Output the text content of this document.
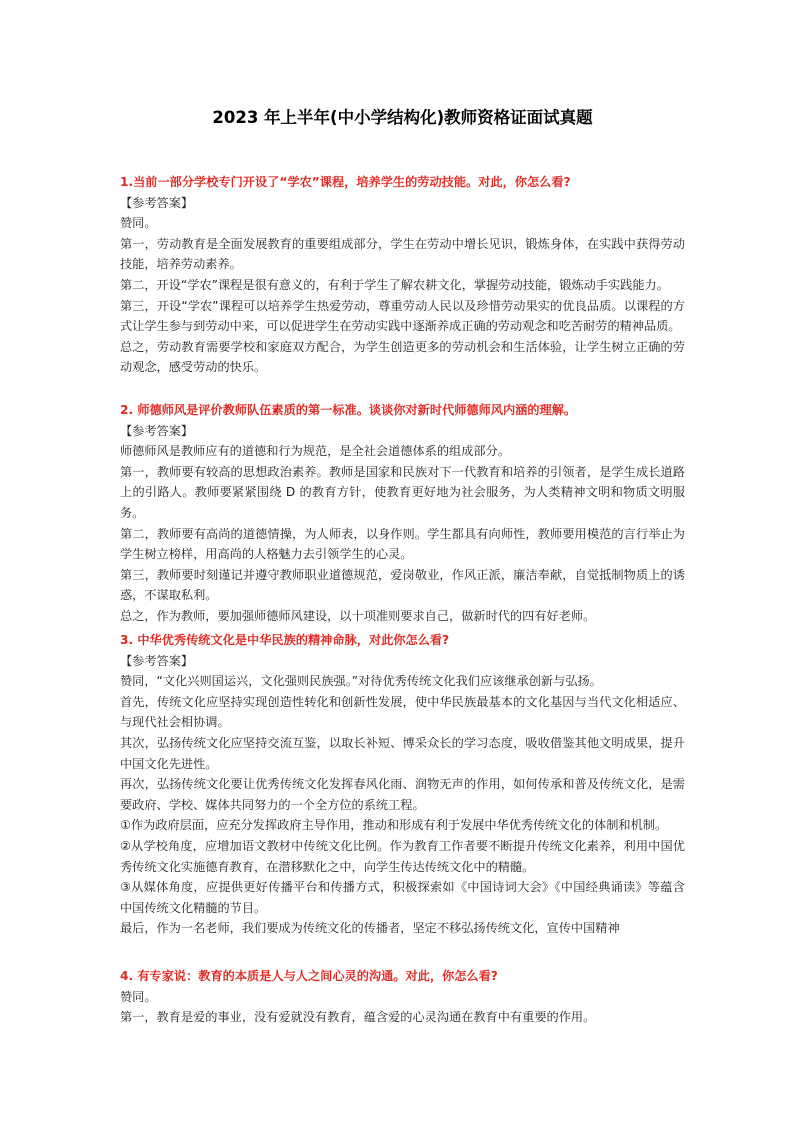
2023 年上半年(中小学结构化)教师资格证面试真题

1.当前一部分学校专门开设了“学农”课程，培养学生的劳动技能。对此，你怎么看?

【参考答案】

赞同。

第一，劳动教育是全面发展教育的重要组成部分，学生在劳动中增长见识，锻炼身体，在实践中获得劳动技能，培养劳动素养。

第二，开设“学农”课程是很有意义的，有利于学生了解农耕文化，掌握劳动技能，锻炼动手实践能力。

第三，开设“学农”课程可以培养学生热爱劳动，尊重劳动人民以及珍惜劳动果实的优良品质。以课程的方式让学生参与到劳动中来，可以促进学生在劳动实践中逐渐养成正确的劳动观念和吃苦耐劳的精神品质。

总之，劳动教育需要学校和家庭双方配合，为学生创造更多的劳动机会和生活体验，让学生树立正确的劳动观念，感受劳动的快乐。

2. 师德师风是评价教师队伍素质的第一标准。谈谈你对新时代师德师风内涵的理解。

【参考答案】

师德师风是教师应有的道德和行为规范，是全社会道德体系的组成部分。

第一，教师要有较高的思想政治素养。教师是国家和民族对下一代教育和培养的引领者，是学生成长道路上的引路人。教师要紧紧围绕 D 的教育方针，使教育更好地为社会服务，为人类精神文明和物质文明服务。

第二，教师要有高尚的道德情操，为人师表，以身作则。学生都具有向师性，教师要用模范的言行举止为学生树立榜样，用高尚的人格魅力去引领学生的心灵。

第三，教师要时刻谨记并遵守教师职业道德规范，爱岗敬业，作风正派，廉洁奉献，自觉抵制物质上的诱惑，不谋取私利。

总之，作为教师，要加强师德师风建设，以十项准则要求自己，做新时代的四有好老师。

3. 中华优秀传统文化是中华民族的精神命脉，对此你怎么看?

【参考答案】

赞同，“文化兴则国运兴，文化强则民族强。”对待优秀传统文化我们应该继承创新与弘扬。

首先，传统文化应坚持实现创造性转化和创新性发展，使中华民族最基本的文化基因与当代文化相适应、与现代社会相协调。

其次，弘扬传统文化应坚持交流互鉴，以取长补短、博采众长的学习态度，吸收借鉴其他文明成果，提升中国文化先进性。

再次，弘扬传统文化要让优秀传统文化发挥春风化雨、润物无声的作用，如何传承和普及传统文化，是需要政府、学校、媒体共同努力的一个全方位的系统工程。

①作为政府层面，应充分发挥政府主导作用，推动和形成有利于发展中华优秀传统文化的体制和机制。

②从学校角度，应增加语文教材中传统文化比例。作为教育工作者要不断提升传统文化素养，利用中国优秀传统文化实施德育教育，在潜移默化之中，向学生传达传统文化中的精髓。

③从媒体角度，应提供更好传播平台和传播方式，积极探索如《中国诗词大会》《中国经典诵读》等蕴含中国传统文化精髓的节目。

最后，作为一名老师，我们要成为传统文化的传播者，坚定不移弘扬传统文化，宣传中国精神

4. 有专家说：教育的本质是人与人之间心灵的沟通。对此，你怎么看?

赞同。

第一，教育是爱的事业，没有爱就没有教育，蕴含爱的心灵沟通在教育中有重要的作用。
